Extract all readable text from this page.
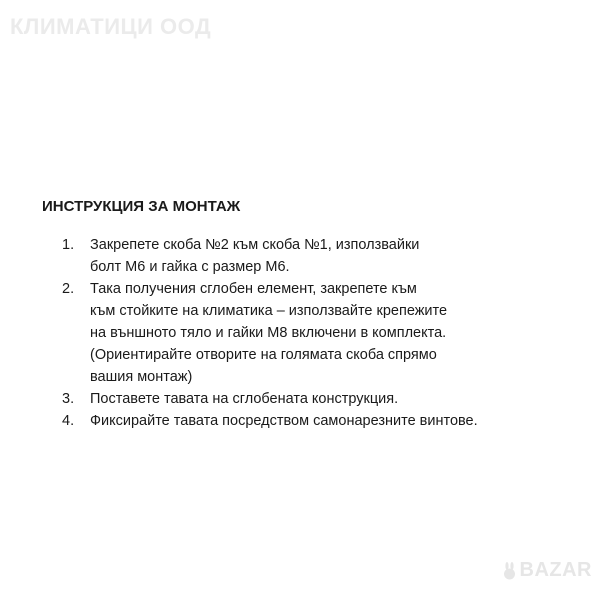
КЛИМАТИЦИ ООД
ИНСТРУКЦИЯ ЗА МОНТАЖ
1.	Закрепете скоба №2 към скоба №1, използвайки
болт М6 и гайка с размер М6.
2.	Така получения сглобен елемент, закрепете към
към стойките на климатика – използвайте крепежите
на външното тяло и гайки М8 включени в комплекта.
(Ориентирайте отворите на голямата скоба спрямо
вашия монтаж)
3.	Поставете тавата на сглобената конструкция.
4.	Фиксирайте тавата посредством самонарезните винтове.
BAZAR
